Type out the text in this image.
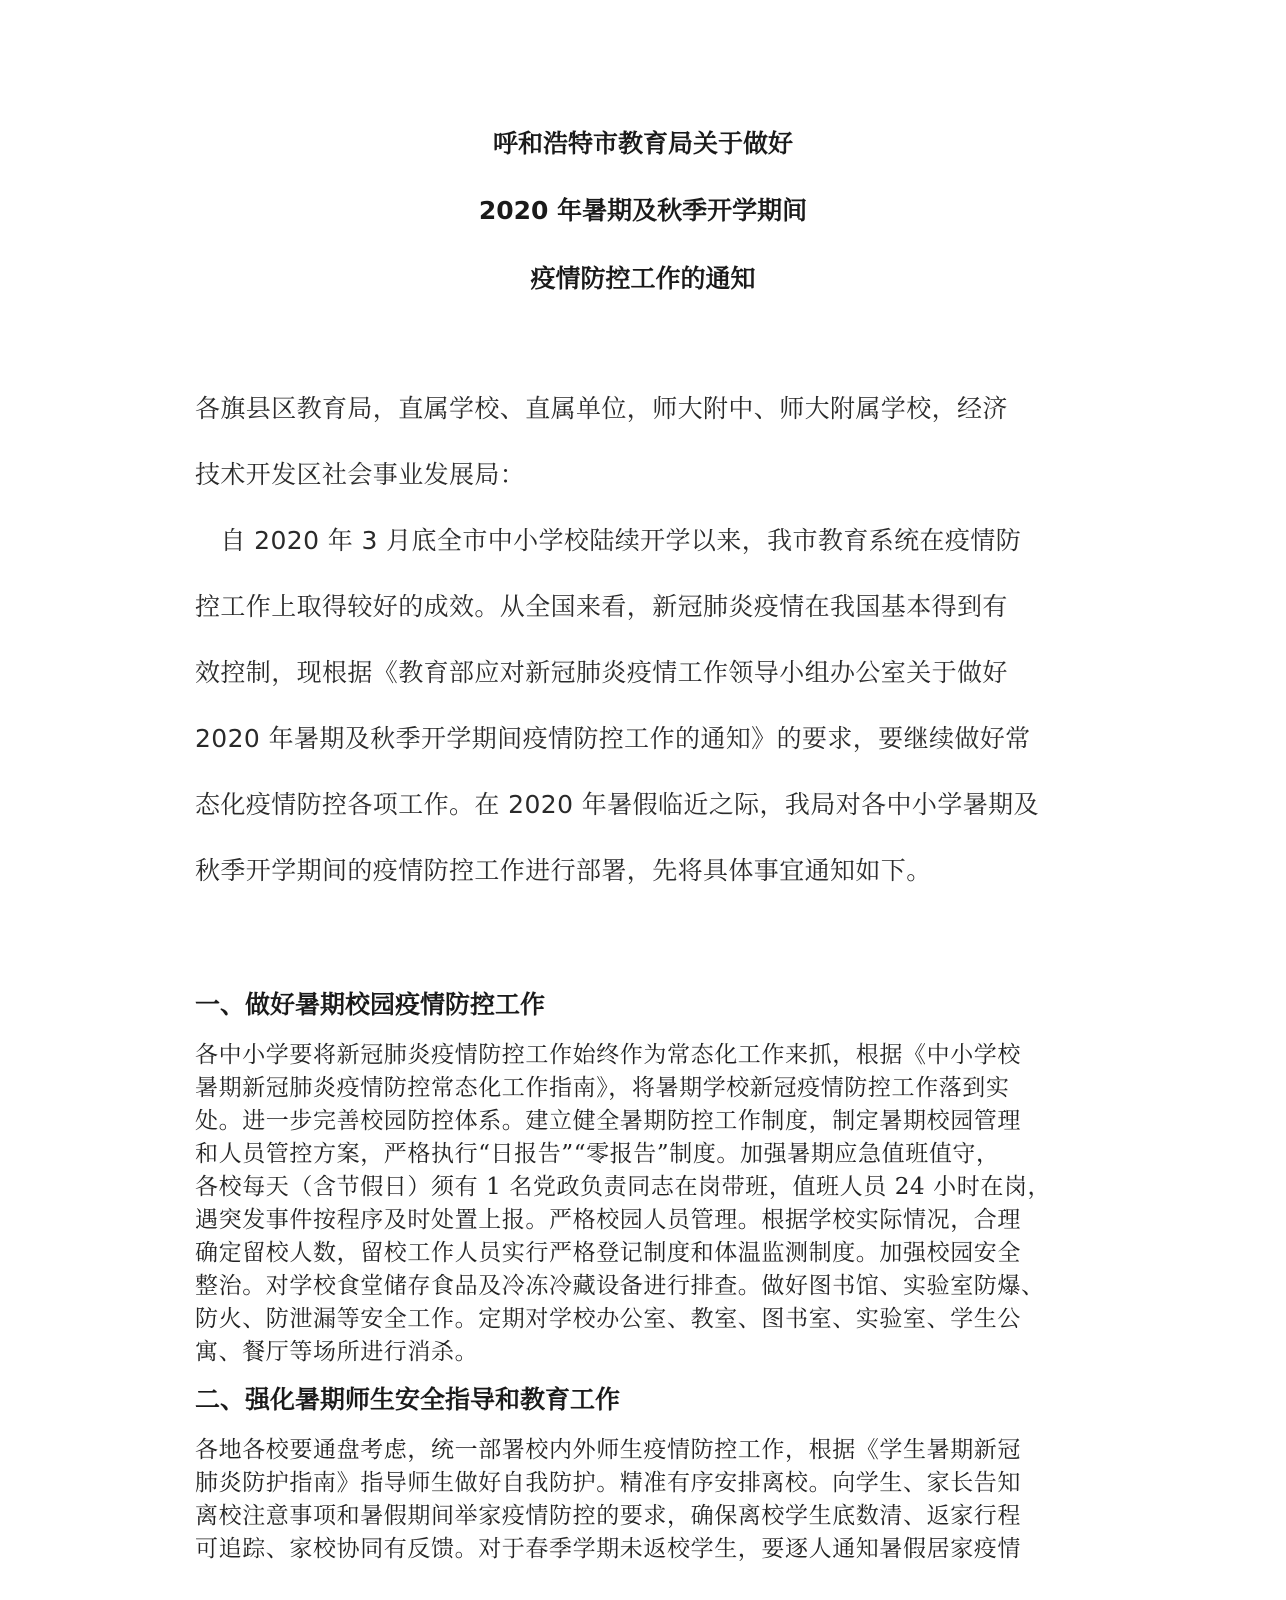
呼和浩特市教育局关于做好
2020 年暑期及秋季开学期间
疫情防控工作的通知
各旗县区教育局，直属学校、直属单位，师大附中、师大附属学校，经济
技术开发区社会事业发展局：
　自 2020 年 3 月底全市中小学校陆续开学以来，我市教育系统在疫情防
控工作上取得较好的成效。从全国来看，新冠肺炎疫情在我国基本得到有
效控制，现根据《教育部应对新冠肺炎疫情工作领导小组办公室关于做好
2020 年暑期及秋季开学期间疫情防控工作的通知》的要求，要继续做好常
态化疫情防控各项工作。在 2020 年暑假临近之际，我局对各中小学暑期及
秋季开学期间的疫情防控工作进行部署，先将具体事宜通知如下。
一、做好暑期校园疫情防控工作
各中小学要将新冠肺炎疫情防控工作始终作为常态化工作来抓，根据《中小学校
暑期新冠肺炎疫情防控常态化工作指南》，将暑期学校新冠疫情防控工作落到实
处。进一步完善校园防控体系。建立健全暑期防控工作制度，制定暑期校园管理
和人员管控方案，严格执行“日报告”“零报告”制度。加强暑期应急值班值守，
各校每天（含节假日）须有 1 名党政负责同志在岗带班，值班人员 24 小时在岗，
遇突发事件按程序及时处置上报。严格校园人员管理。根据学校实际情况，合理
确定留校人数，留校工作人员实行严格登记制度和体温监测制度。加强校园安全
整治。对学校食堂储存食品及冷冻冷藏设备进行排查。做好图书馆、实验室防爆、
防火、防泄漏等安全工作。定期对学校办公室、教室、图书室、实验室、学生公
寓、餐厅等场所进行消杀。
二、强化暑期师生安全指导和教育工作
各地各校要通盘考虑，统一部署校内外师生疫情防控工作，根据《学生暑期新冠
肺炎防护指南》指导师生做好自我防护。精准有序安排离校。向学生、家长告知
离校注意事项和暑假期间举家疫情防控的要求，确保离校学生底数清、返家行程
可追踪、家校协同有反馈。对于春季学期未返校学生，要逐人通知暑假居家疫情
